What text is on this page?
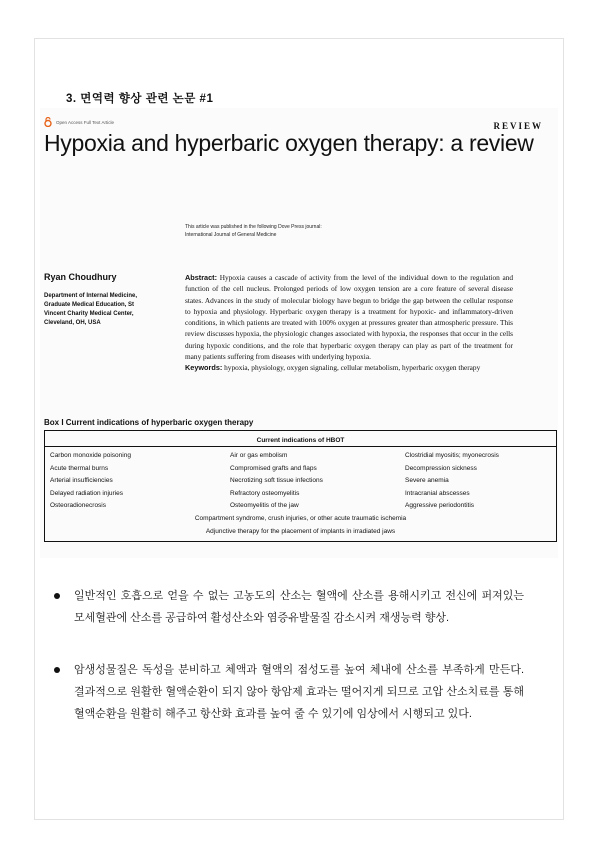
3. 면역력 향상 관련 논문 #1
Open Access Full Text Article	REVIEW
Hypoxia and hyperbaric oxygen therapy: a review
This article was published in the following Dove Press journal:
International Journal of General Medicine
Ryan Choudhury
Department of Internal Medicine,
Graduate Medical Education, St
Vincent Charity Medical Center,
Cleveland, OH, USA
Abstract: Hypoxia causes a cascade of activity from the level of the individual down to the regulation and function of the cell nucleus. Prolonged periods of low oxygen tension are a core feature of several disease states. Advances in the study of molecular biology have begun to bridge the gap between the cellular response to hypoxia and physiology. Hyperbaric oxygen therapy is a treatment for hypoxic- and inflammatory-driven conditions, in which patients are treated with 100% oxygen at pressures greater than atmospheric pressure. This review discusses hypoxia, the physiologic changes associated with hypoxia, the responses that occur in the cells during hypoxic conditions, and the role that hyperbaric oxygen therapy can play as part of the treatment for many patients suffering from diseases with underlying hypoxia.
Keywords: hypoxia, physiology, oxygen signaling, cellular metabolism, hyperbaric oxygen therapy
Box I Current indications of hyperbaric oxygen therapy
Current indications of HBOT
Carbon monoxide poisoning
Acute thermal burns
Arterial insufficiencies
Delayed radiation injuries
Osteoradionecrosis
Air or gas embolism
Compromised grafts and flaps
Necrotizing soft tissue infections
Refractory osteomyelitis
Osteomyelitis of the jaw
Clostridial myositis; myonecrosis
Decompression sickness
Severe anemia
Intracranial abscesses
Aggressive periodontitis
Compartment syndrome, crush injuries, or other acute traumatic ischemia
Adjunctive therapy for the placement of implants in irradiated jaws
일반적인 호흡으로 얻을 수 없는 고농도의 산소는 혈액에 산소를 용해시키고 전신에 퍼져있는 모세혈관에 산소를 공급하여 활성산소와 염증유발물질 감소시켜 재생능력 향상.
암생성물질은 독성을 분비하고 체액과 혈액의 점성도를 높여 체내에 산소를 부족하게 만든다. 결과적으로 원활한 혈액순환이 되지 않아 항암제 효과는 떨어지게 되므로 고압 산소치료를 통해 혈액순환을 원활히 해주고 항산화 효과를 높여 줄 수 있기에 임상에서 시행되고 있다.
